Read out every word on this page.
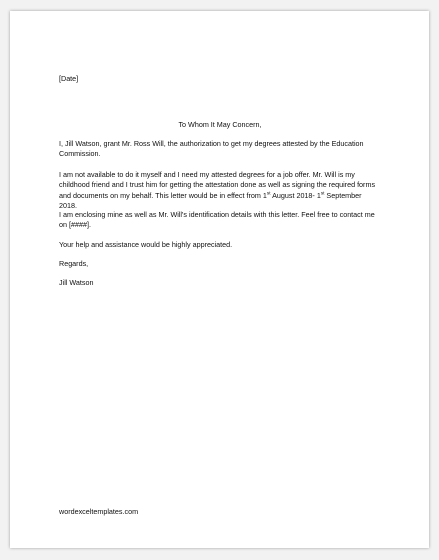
[Date]

To Whom It May Concern,

I, Jill Watson, grant Mr. Ross Will, the authorization to get my degrees attested by the Education Commission.

I am not available to do it myself and I need my attested degrees for a job offer. Mr. Will is my childhood friend and I trust him for getting the attestation done as well as signing the required forms and documents on my behalf. This letter would be in effect from 1st August 2018- 1st September 2018.

I am enclosing mine as well as Mr. Will's identification details with this letter. Feel free to contact me on [####].

Your help and assistance would be highly appreciated.

Regards,

Jill Watson

wordexceltemplates.com
